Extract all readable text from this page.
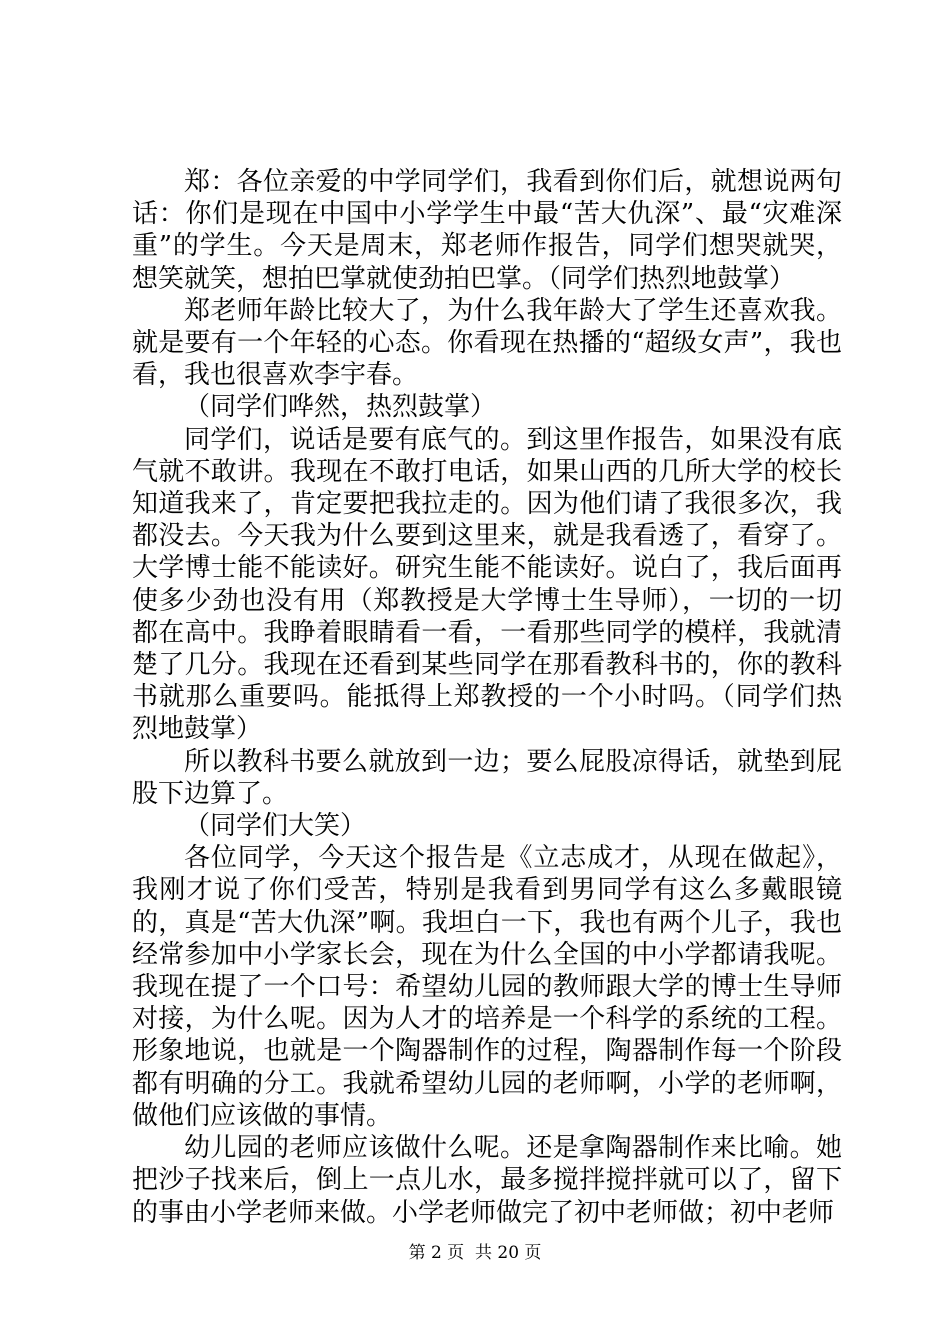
郑：各位亲爱的中学同学们，我看到你们后，就想说两句话：你们是现在中国中小学学生中最“苦大仇深”、最“灾难深重”的学生。今天是周末，郑老师作报告，同学们想哭就哭，想笑就笑，想拍巴掌就使劲拍巴掌。（同学们热烈地鼓掌）

郑老师年龄比较大了，为什么我年龄大了学生还喜欢我。就是要有一个年轻的心态。你看现在热播的“超级女声”，我也看，我也很喜欢李宇春。

（同学们哗然，热烈鼓掌）

同学们，说话是要有底气的。到这里作报告，如果没有底气就不敢讲。我现在不敢打电话，如果山西的几所大学的校长知道我来了，肯定要把我拉走的。因为他们请了我很多次，我都没去。今天我为什么要到这里来，就是我看透了，看穿了。大学博士能不能读好。研究生能不能读好。说白了，我后面再使多少劲也没有用（郑教授是大学博士生导师），一切的一切都在高中。我睁着眼睛看一看，一看那些同学的模样，我就清楚了几分。我现在还看到某些同学在那看教科书的，你的教科书就那么重要吗。能抵得上郑教授的一个小时吗。（同学们热烈地鼓掌）

所以教科书要么就放到一边；要么屁股凉得话，就垫到屁股下边算了。

（同学们大笑）

各位同学，今天这个报告是《立志成才，从现在做起》，我刚才说了你们受苦，特别是我看到男同学有这么多戴眼镜的，真是“苦大仇深”啊。我坦白一下，我也有两个儿子，我也经常参加中小学家长会，现在为什么全国的中小学都请我呢。我现在提了一个口号：希望幼儿园的教师跟大学的博士生导师对接，为什么呢。因为人才的培养是一个科学的系统的工程。形象地说，也就是一个陶器制作的过程，陶器制作每一个阶段都有明确的分工。我就希望幼儿园的老师啊，小学的老师啊，做他们应该做的事情。

幼儿园的老师应该做什么呢。还是拿陶器制作来比喻。她把沙子找来后，倒上一点儿水，最多搅拌搅拌就可以了，留下的事由小学老师来做。小学老师做完了初中老师做；初中老师

第 2 页  共 20 页
